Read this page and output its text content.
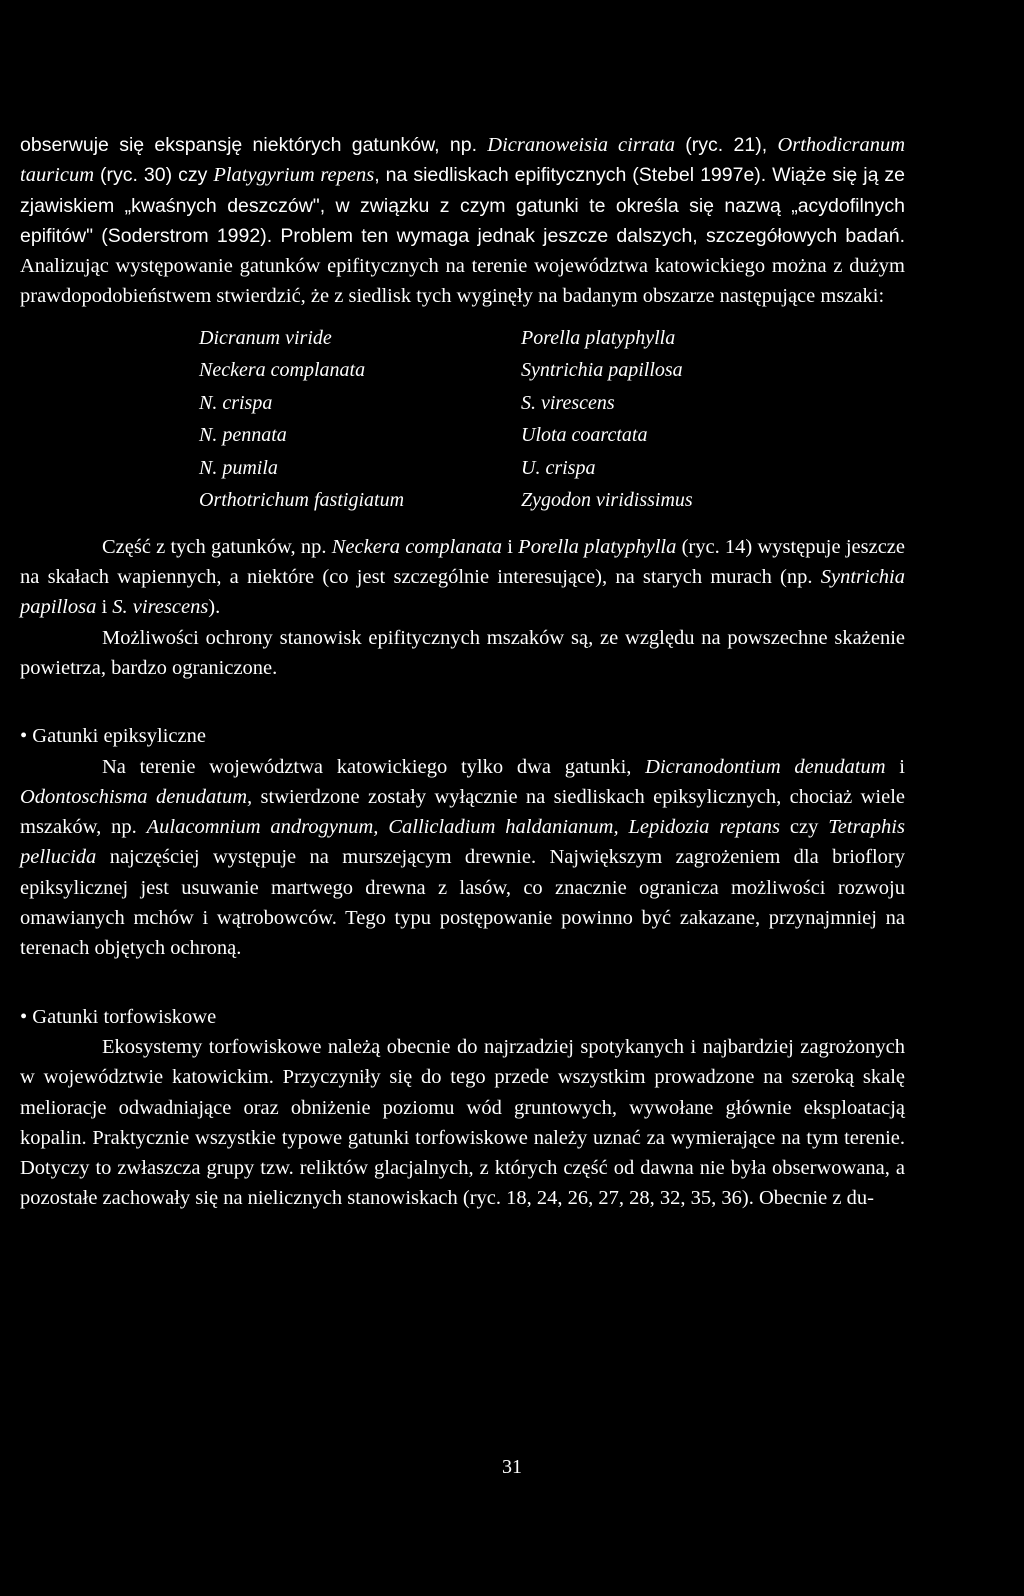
obserwuje się ekspansję niektórych gatunków, np. Dicranoweisia cirrata (ryc. 21), Orthodicranum tauricum (ryc. 30) czy Platygyrium repens, na siedliskach epifitycznych (Stebel 1997e). Wiąże się ją ze zjawiskiem „kwaśnych deszczów", w związku z czym gatunki te określa się nazwą „acydofilnych epifitów" (Soderstrom 1992). Problem ten wymaga jednak jeszcze dalszych, szczegółowych badań. Analizując występowanie gatunków epifitycznych na terenie województwa katowickiego można z dużym prawdopodobieństwem stwierdzić, że z siedlisk tych wyginęły na badanym obszarze następujące mszaki:

Dicranum viride
Neckera complanata
N. crispa
N. pennata
N. pumila
Orthotrichum fastigiatum
Porella platyphylla
Syntrichia papillosa
S. virescens
Ulota coarctata
U. crispa
Zygodon viridissimus

Część z tych gatunków, np. Neckera complanata i Porella platyphylla (ryc. 14) występuje jeszcze na skałach wapiennych, a niektóre (co jest szczególnie interesujące), na starych murach (np. Syntrichia papillosa i S. virescens).

Możliwości ochrony stanowisk epifitycznych mszaków są, ze względu na powszechne skażenie powietrza, bardzo ograniczone.

• Gatunki epiksyliczne

Na terenie województwa katowickiego tylko dwa gatunki, Dicranodontium denudatum i Odontoschisma denudatum, stwierdzone zostały wyłącznie na siedliskach epiksylicznych, chociaż wiele mszaków, np. Aulacomnium androgynum, Callicladium haldanianum, Lepidozia reptans czy Tetraphis pellucida najczęściej występuje na murszejącym drewnie. Największym zagrożeniem dla brioflory epiksylicznej jest usuwanie martwego drewna z lasów, co znacznie ogranicza możliwości rozwoju omawianych mchów i wątrobowców. Tego typu postępowanie powinno być zakazane, przynajmniej na terenach objętych ochroną.

• Gatunki torfowiskowe

Ekosystemy torfowiskowe należą obecnie do najrzadziej spotykanych i najbardziej zagrożonych w województwie katowickim. Przyczyniły się do tego przede wszystkim prowadzone na szeroką skalę melioracje odwadniające oraz obniżenie poziomu wód gruntowych, wywołane głównie eksploatacją kopalin. Praktycznie wszystkie typowe gatunki torfowiskowe należy uznać za wymierające na tym terenie. Dotyczy to zwłaszcza grupy tzw. reliktów glacjalnych, z których część od dawna nie była obserwowana, a pozostałe zachowały się na nielicznych stanowiskach (ryc. 18, 24, 26, 27, 28, 32, 35, 36). Obecnie z du-

31
